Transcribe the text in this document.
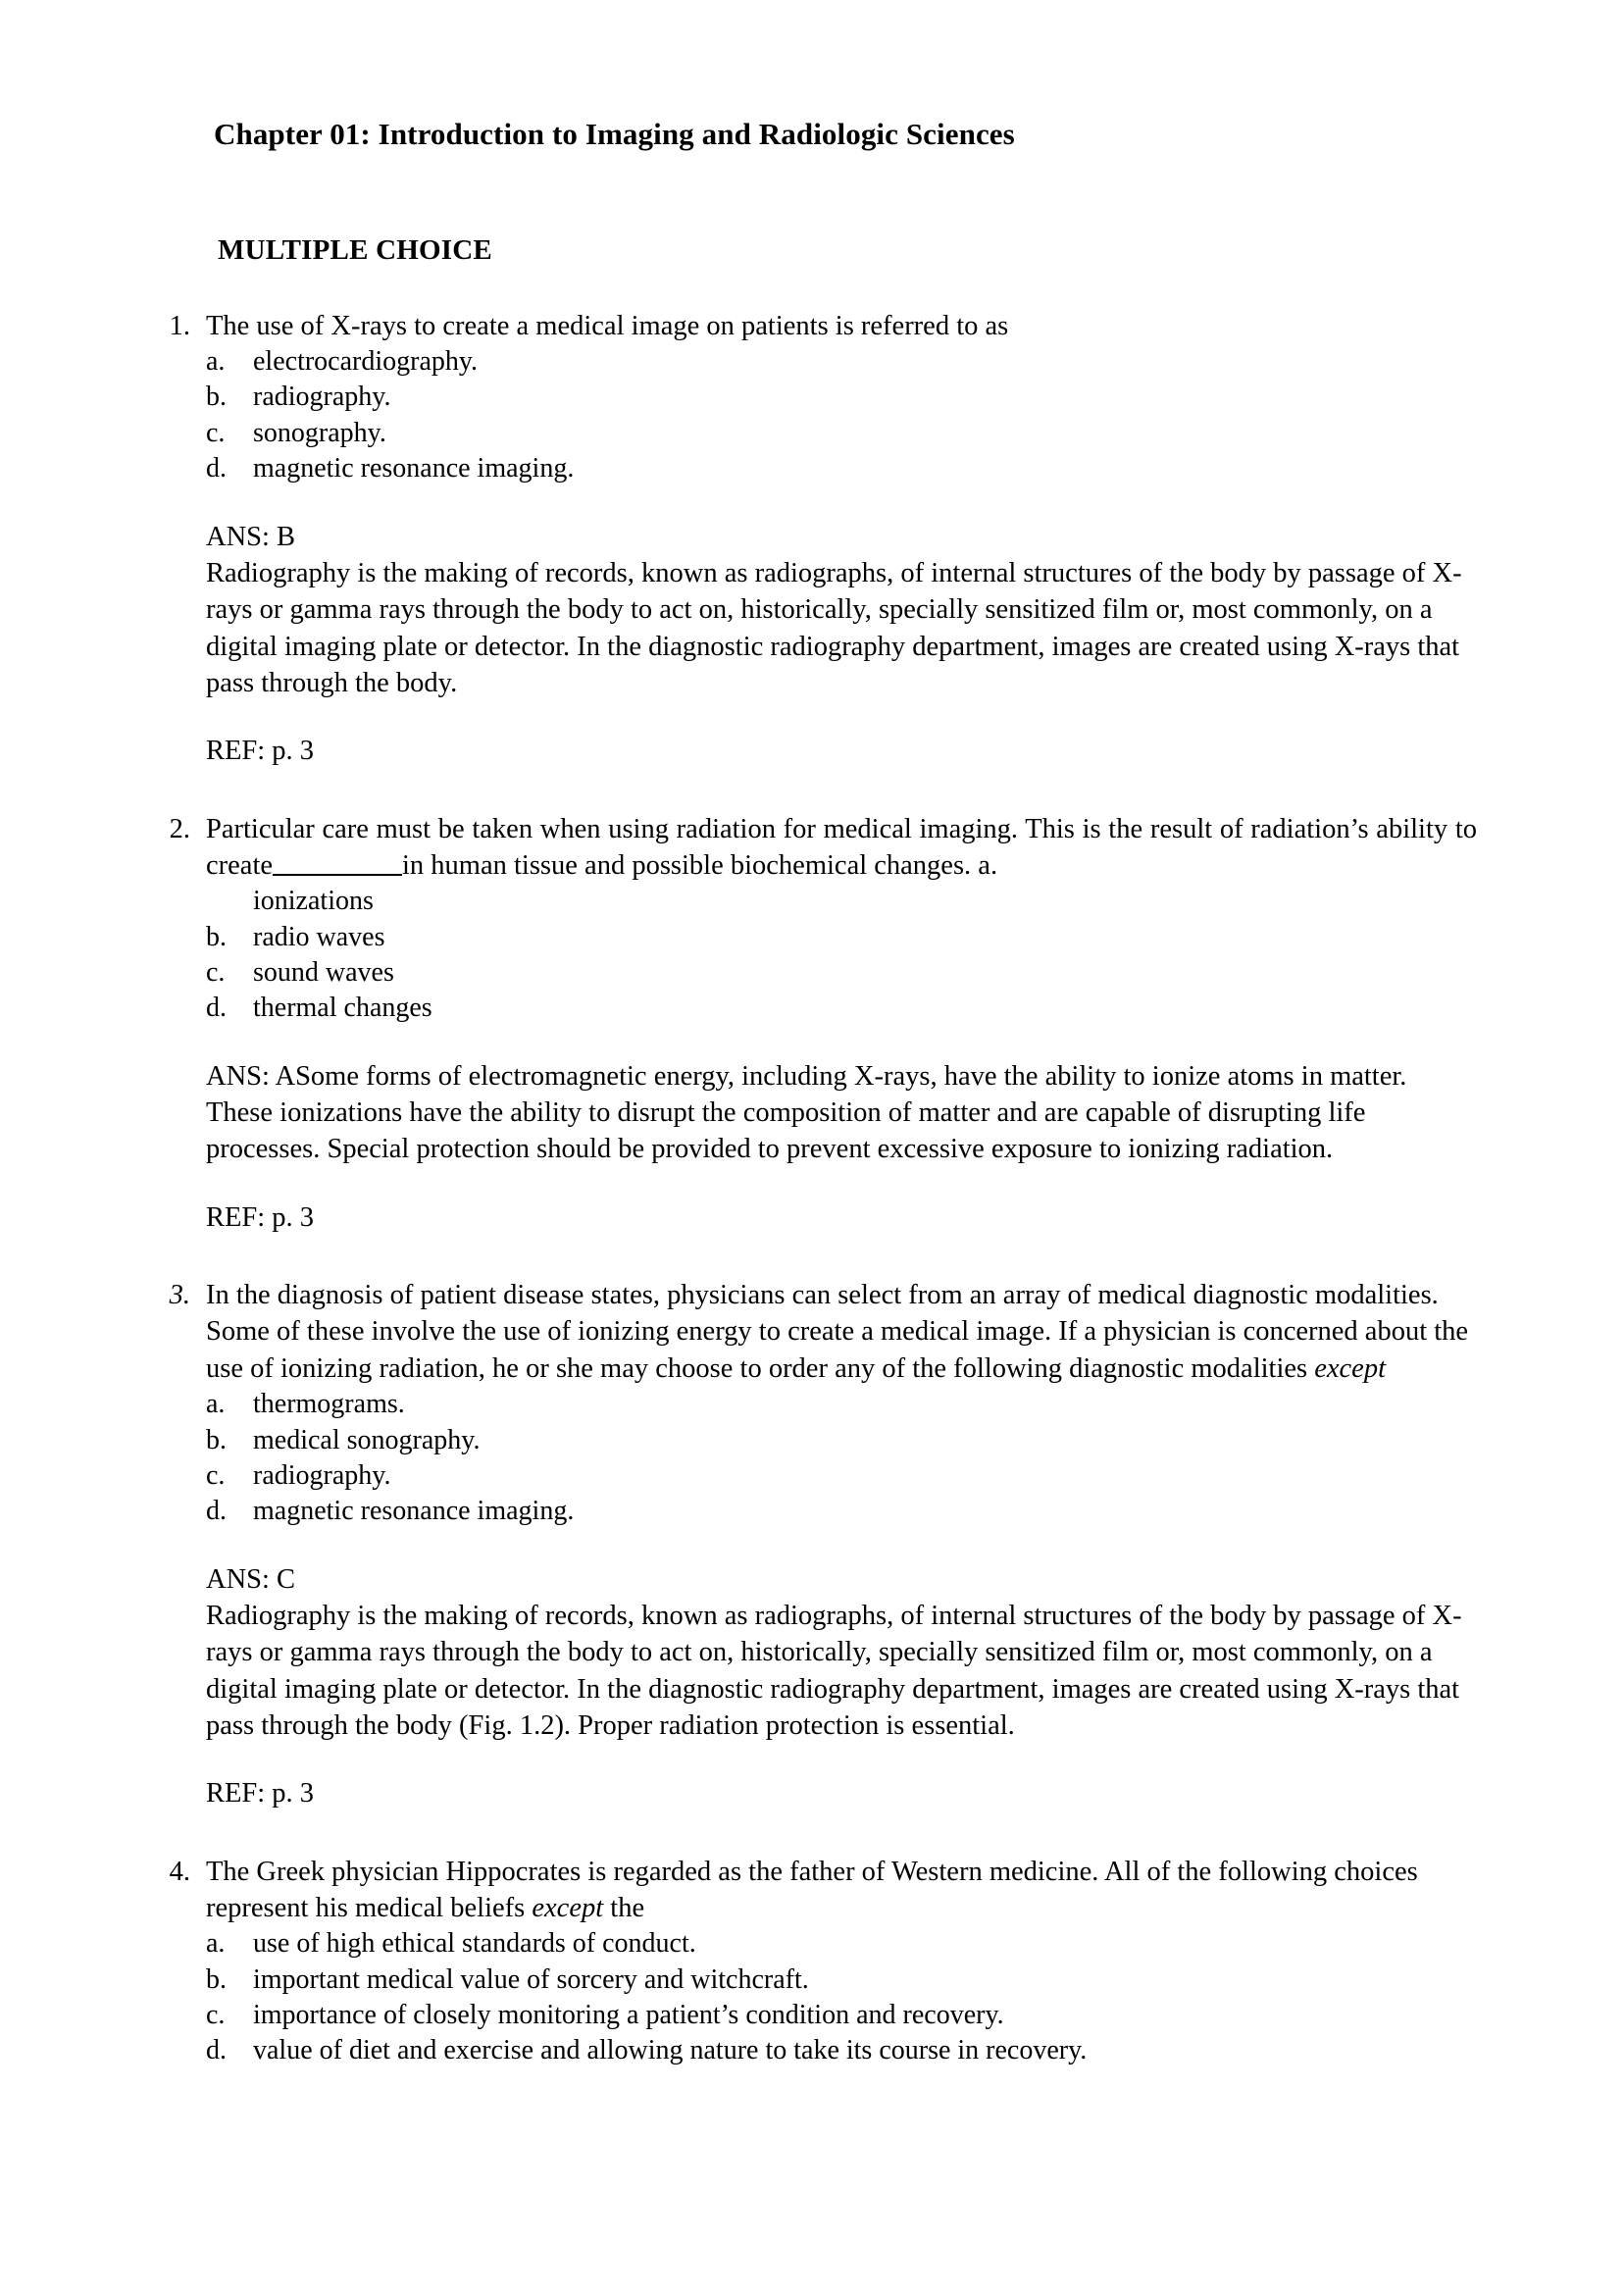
Chapter 01: Introduction to Imaging and Radiologic Sciences
MULTIPLE CHOICE
1. The use of X-rays to create a medical image on patients is referred to as
a.	electrocardiography.
b. radiography.
c.	sonography.
d. magnetic resonance imaging.
ANS: B
Radiography is the making of records, known as radiographs, of internal structures of the body by passage of X-rays or gamma rays through the body to act on, historically, specially sensitized film or, most commonly, on a digital imaging plate or detector. In the diagnostic radiography department, images are created using X-rays that pass through the body.
REF: p. 3
2. Particular care must be taken when using radiation for medical imaging. This is the result of radiation’s ability to create	in human tissue and possible biochemical changes. a.
ionizations
b. radio waves
c.	sound waves
d. thermal changes
ANS: ASome forms of electromagnetic energy, including X-rays, have the ability to ionize atoms in matter. These ionizations have the ability to disrupt the composition of matter and are capable of disrupting life processes. Special protection should be provided to prevent excessive exposure to ionizing radiation.
REF: p. 3
3. In the diagnosis of patient disease states, physicians can select from an array of medical diagnostic modalities. Some of these involve the use of ionizing energy to create a medical image. If a physician is concerned about the use of ionizing radiation, he or she may choose to order any of the following diagnostic modalities except
a.	thermograms.
b. medical sonography.
c.	radiography.
d. magnetic resonance imaging.
ANS: C
Radiography is the making of records, known as radiographs, of internal structures of the body by passage of X-rays or gamma rays through the body to act on, historically, specially sensitized film or, most commonly, on a digital imaging plate or detector. In the diagnostic radiography department, images are created using X-rays that pass through the body (Fig. 1.2). Proper radiation protection is essential.
REF: p. 3
4. The Greek physician Hippocrates is regarded as the father of Western medicine. All of the following choices represent his medical beliefs except the
a.	use of high ethical standards of conduct.
b. important medical value of sorcery and witchcraft.
c.	importance of closely monitoring a patient’s condition and recovery.
d. value of diet and exercise and allowing nature to take its course in recovery.
